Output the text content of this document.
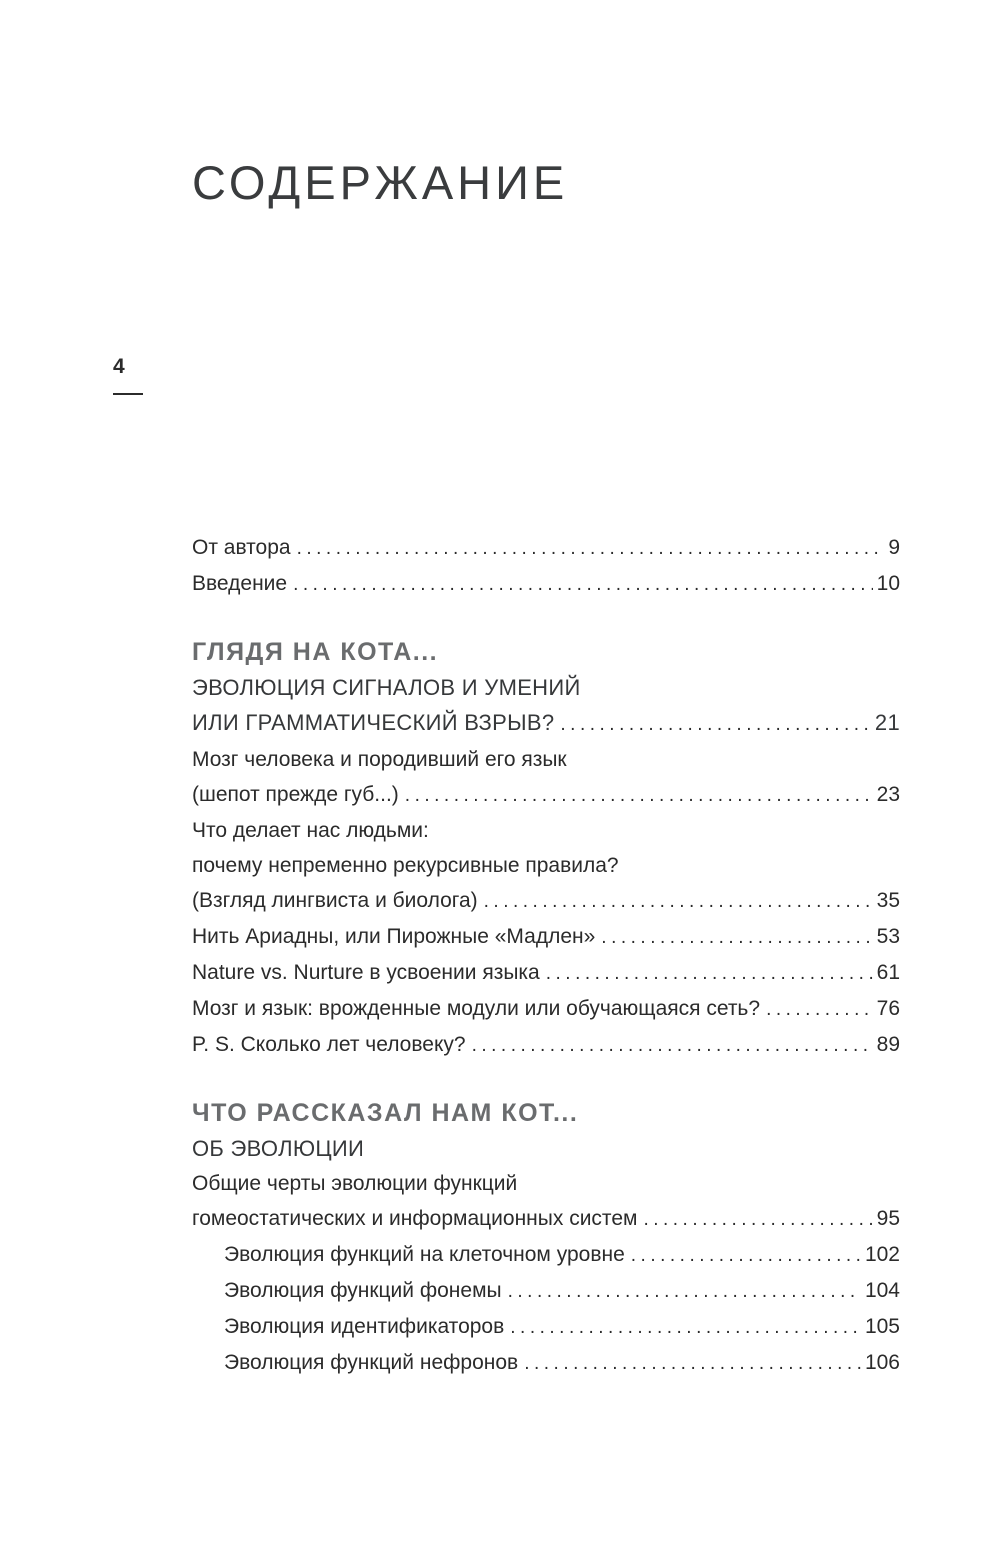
СОДЕРЖАНИЕ
4
От автора .....	9
Введение .....	10
ГЛЯДЯ НА КОТА...
ЭВОЛЮЦИЯ СИГНАЛОВ И УМЕНИЙ
ИЛИ ГРАММАТИЧЕСКИЙ ВЗРЫВ? .....	21
Мозг человека и породивший его язык
(шепот прежде губ...) .....	23
Что делает нас людьми:
почему непременно рекурсивные правила?
(Взгляд лингвиста и биолога) .....	35
Нить Ариадны, или Пирожные «Мадлен» .....	53
Nature vs. Nurture в усвоении языка .....	61
Мозг и язык: врожденные модули или обучающаяся сеть? .....	76
P. S. Сколько лет человеку? .....	89
ЧТО РАССКАЗАЛ НАМ КОТ...
ОБ ЭВОЛЮЦИИ
Общие черты эволюции функций
гомеостатических и информационных систем .....	95
Эволюция функций на клеточном уровне .....	102
Эволюция функций фонемы .....	104
Эволюция идентификаторов .....	105
Эволюция функций нефронов .....	106
